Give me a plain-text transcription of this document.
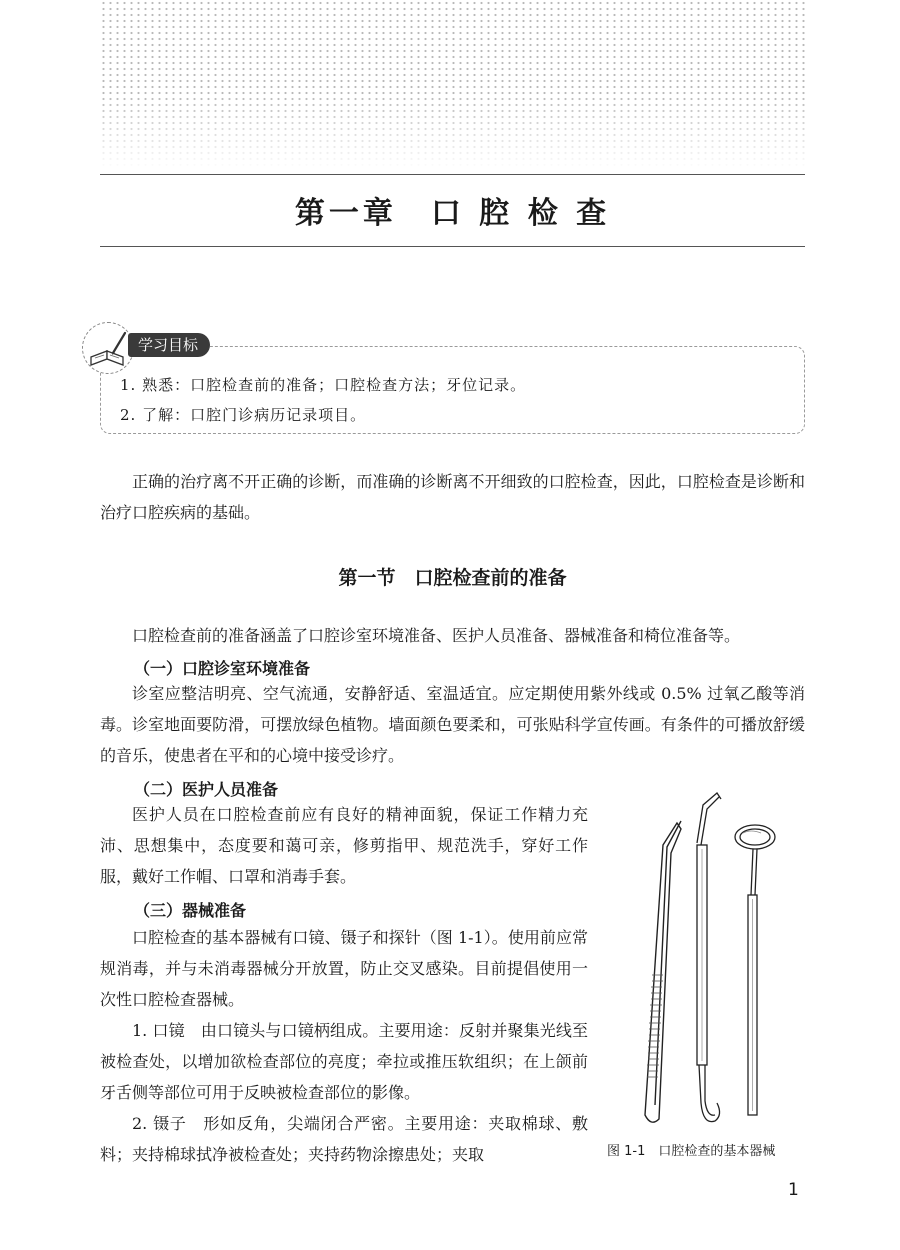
第一章　口 腔 检 查
学习目标
1. 熟悉：口腔检查前的准备；口腔检查方法；牙位记录。
2. 了解：口腔门诊病历记录项目。

正确的治疗离不开正确的诊断，而准确的诊断离不开细致的口腔检查，因此，口腔检查是诊断和治疗口腔疾病的基础。

第一节　口腔检查前的准备

口腔检查前的准备涵盖了口腔诊室环境准备、医护人员准备、器械准备和椅位准备等。

（一）口腔诊室环境准备

诊室应整洁明亮、空气流通，安静舒适、室温适宜。应定期使用紫外线或 0.5% 过氧乙酸等消毒。诊室地面要防滑，可摆放绿色植物。墙面颜色要柔和，可张贴科学宣传画。有条件的可播放舒缓的音乐，使患者在平和的心境中接受诊疗。

（二）医护人员准备

医护人员在口腔检查前应有良好的精神面貌，保证工作精力充沛、思想集中，态度要和蔼可亲，修剪指甲、规范洗手，穿好工作服，戴好工作帽、口罩和消毒手套。

（三）器械准备

口腔检查的基本器械有口镜、镊子和探针（图 1-1）。使用前应常规消毒，并与未消毒器械分开放置，防止交叉感染。目前提倡使用一次性口腔检查器械。

1. 口镜　由口镜头与口镜柄组成。主要用途：反射并聚集光线至被检查处，以增加欲检查部位的亮度；牵拉或推压软组织；在上颌前牙舌侧等部位可用于反映被检查部位的影像。

2. 镊子　形如反角，尖端闭合严密。主要用途：夹取棉球、敷料；夹持棉球拭净被检查处；夹持药物涂擦患处；夹取	图 1-1　口腔检查的基本器械
1
